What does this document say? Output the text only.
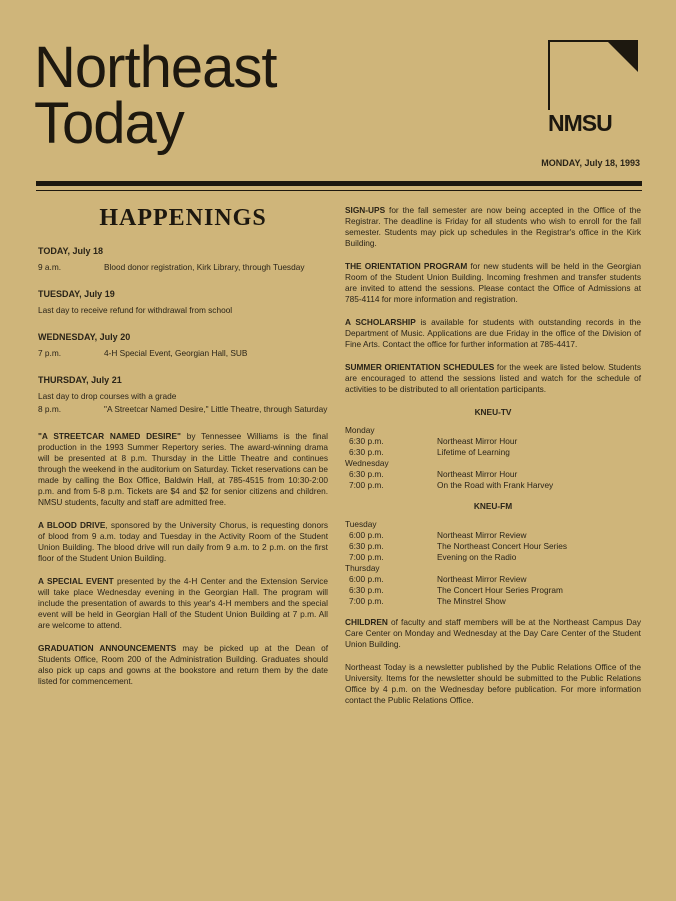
Northeast
Today	NMSU
MONDAY, July 18, 1993
HAPPENINGS
TODAY, July 18
9 a.m.	Blood donor registration, Kirk Library, through Tuesday
TUESDAY, July 19
Last day to receive refund for withdrawal from school
WEDNESDAY, July 20
7 p.m.	4-H Special Event, Georgian Hall, SUB
THURSDAY, July 21
Last day to drop courses with a grade
8 p.m.	"A Streetcar Named Desire," Little Theatre, through Saturday

"A STREETCAR NAMED DESIRE" by Tennessee Williams is the final production in the 1993 Summer Repertory series. The award-winning drama will be presented at 8 p.m. Thursday in the Little Theatre and continues through the weekend in the auditorium on Saturday. Ticket reservations can be made by calling the Box Office, Baldwin Hall, at 785-4515 from 10:30-2:00 p.m. and from 5-8 p.m. Tickets are $4 and $2 for senior citizens and children. NMSU students, faculty and staff are admitted free.

A BLOOD DRIVE, sponsored by the University Chorus, is requesting donors of blood from 9 a.m. today and Tuesday in the Activity Room of the Student Union Building. The blood drive will run daily from 9 a.m. to 2 p.m. on the first floor of the Student Union Building.

A SPECIAL EVENT presented by the 4-H Center and the Extension Service will take place Wednesday evening in the Georgian Hall. The program will include the presentation of awards to this year's 4-H members and the special event will be held in Georgian Hall of the Student Union Building at 7 p.m. All are welcome to attend.

GRADUATION ANNOUNCEMENTS may be picked up at the Dean of Students Office, Room 200 of the Administration Building. Graduates should also pick up caps and gowns at the bookstore and return them by the date listed for commencement.

SIGN-UPS for the fall semester are now being accepted in the Office of the Registrar. The deadline is Friday for all students who wish to enroll for the fall semester. Students may pick up schedules in the Registrar's office in the Kirk Building.

THE ORIENTATION PROGRAM for new students will be held in the Georgian Room of the Student Union Building. Incoming freshmen and transfer students are invited to attend the sessions. Please contact the Office of Admissions at 785-4114 for more information and registration.

A SCHOLARSHIP is available for students with outstanding records in the Department of Music. Applications are due Friday in the office of the Division of Fine Arts. Contact the office for further information at 785-4417.

SUMMER ORIENTATION SCHEDULES for the week are listed below. Students are encouraged to attend the sessions listed and watch for the schedule of activities to be distributed to all orientation participants.

KNEU-TV
Monday
6:30 p.m.	Northeast Mirror Hour
6:30 p.m.	Lifetime of Learning
Wednesday
6:30 p.m.	Northeast Mirror Hour
7:00 p.m.	On the Road with Frank Harvey
KNEU-FM
Tuesday
6:00 p.m.	Northeast Mirror Review
6:30 p.m.	The Northeast Concert Hour Series
7:00 p.m.	Evening on the Radio
Thursday
6:00 p.m.	Northeast Mirror Review
6:30 p.m.	The Concert Hour Series Program
7:00 p.m.	The Minstrel Show

CHILDREN of faculty and staff members will be at the Northeast Campus Day Care Center on Monday and Wednesday at the Day Care Center of the Student Union Building.

Northeast Today is a newsletter published by the Public Relations Office of the University. Items for the newsletter should be submitted to the Public Relations Office by 4 p.m. on the Wednesday before publication. For more information contact the Public Relations Office.
